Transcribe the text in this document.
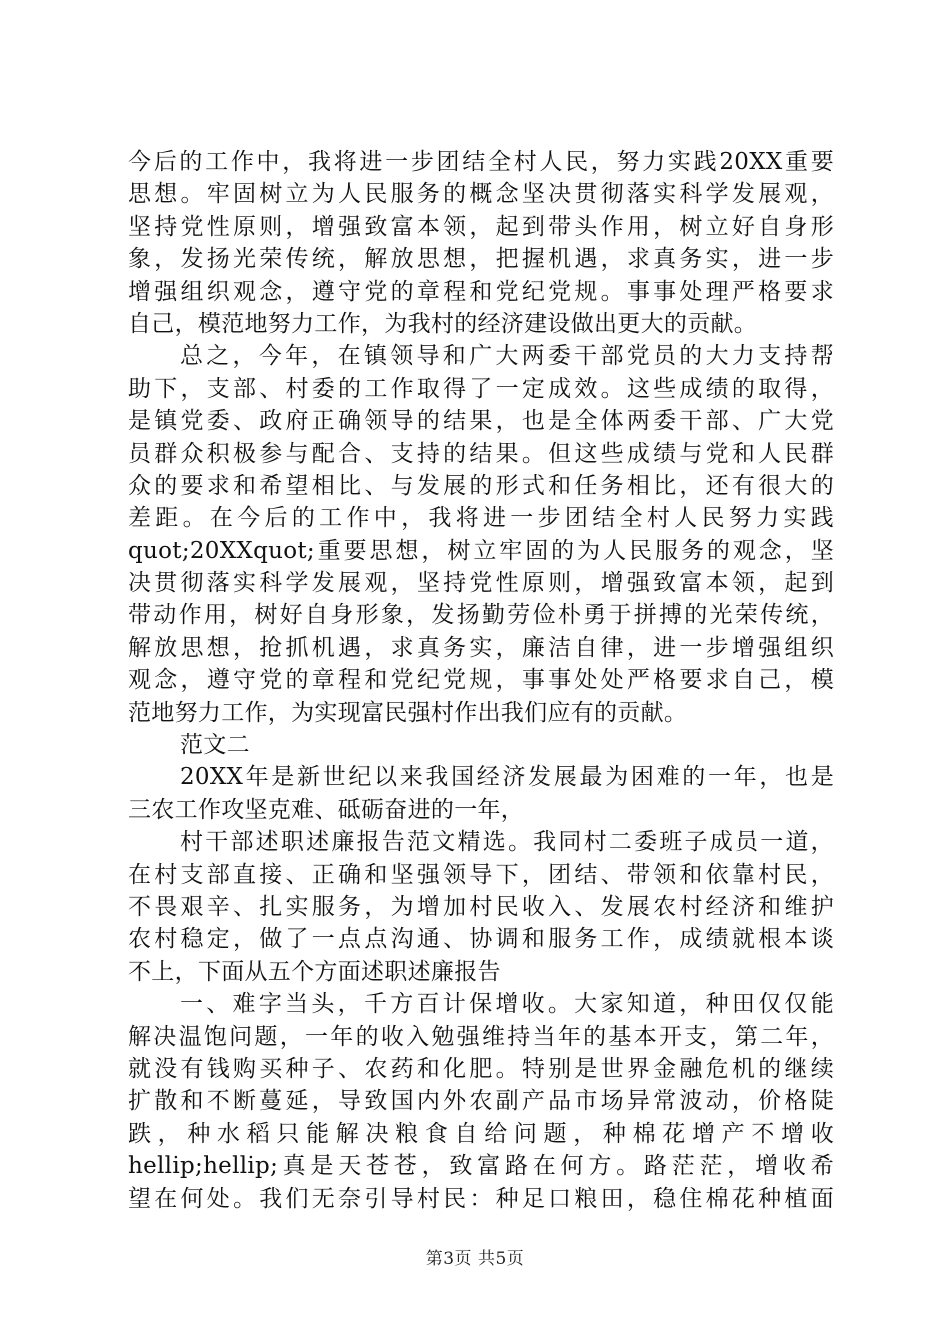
今后的工作中，我将进一步团结全村人民，努力实践20XX重要
思想。牢固树立为人民服务的概念坚决贯彻落实科学发展观，
坚持党性原则，增强致富本领，起到带头作用，树立好自身形
象，发扬光荣传统，解放思想，把握机遇，求真务实，进一步
增强组织观念，遵守党的章程和党纪党规。事事处理严格要求
自己，模范地努力工作，为我村的经济建设做出更大的贡献。
总之，今年，在镇领导和广大两委干部党员的大力支持帮
助下，支部、村委的工作取得了一定成效。这些成绩的取得，
是镇党委、政府正确领导的结果，也是全体两委干部、广大党
员群众积极参与配合、支持的结果。但这些成绩与党和人民群
众的要求和希望相比、与发展的形式和任务相比，还有很大的
差距。在今后的工作中，我将进一步团结全村人民努力实践
quot;20XXquot;重要思想，树立牢固的为人民服务的观念，坚
决贯彻落实科学发展观，坚持党性原则，增强致富本领，起到
带动作用，树好自身形象，发扬勤劳俭朴勇于拼搏的光荣传统，
解放思想，抢抓机遇，求真务实，廉洁自律，进一步增强组织
观念，遵守党的章程和党纪党规，事事处处严格要求自己，模
范地努力工作，为实现富民强村作出我们应有的贡献。
范文二
20XX年是新世纪以来我国经济发展最为困难的一年，也是
三农工作攻坚克难、砥砺奋进的一年，
村干部述职述廉报告范文精选。我同村二委班子成员一道，
在村支部直接、正确和坚强领导下，团结、带领和依靠村民，
不畏艰辛、扎实服务，为增加村民收入、发展农村经济和维护
农村稳定，做了一点点沟通、协调和服务工作，成绩就根本谈
不上，下面从五个方面述职述廉报告
一、难字当头，千方百计保增收。大家知道，种田仅仅能
解决温饱问题，一年的收入勉强维持当年的基本开支，第二年，
就没有钱购买种子、农药和化肥。特别是世界金融危机的继续
扩散和不断蔓延，导致国内外农副产品市场异常波动，价格陡
跌，种水稻只能解决粮食自给问题，种棉花增产不增收
hellip;hellip;真是天苍苍，致富路在何方。路茫茫，增收希
望在何处。我们无奈引导村民：种足口粮田，稳住棉花种植面
第3页 共5页
